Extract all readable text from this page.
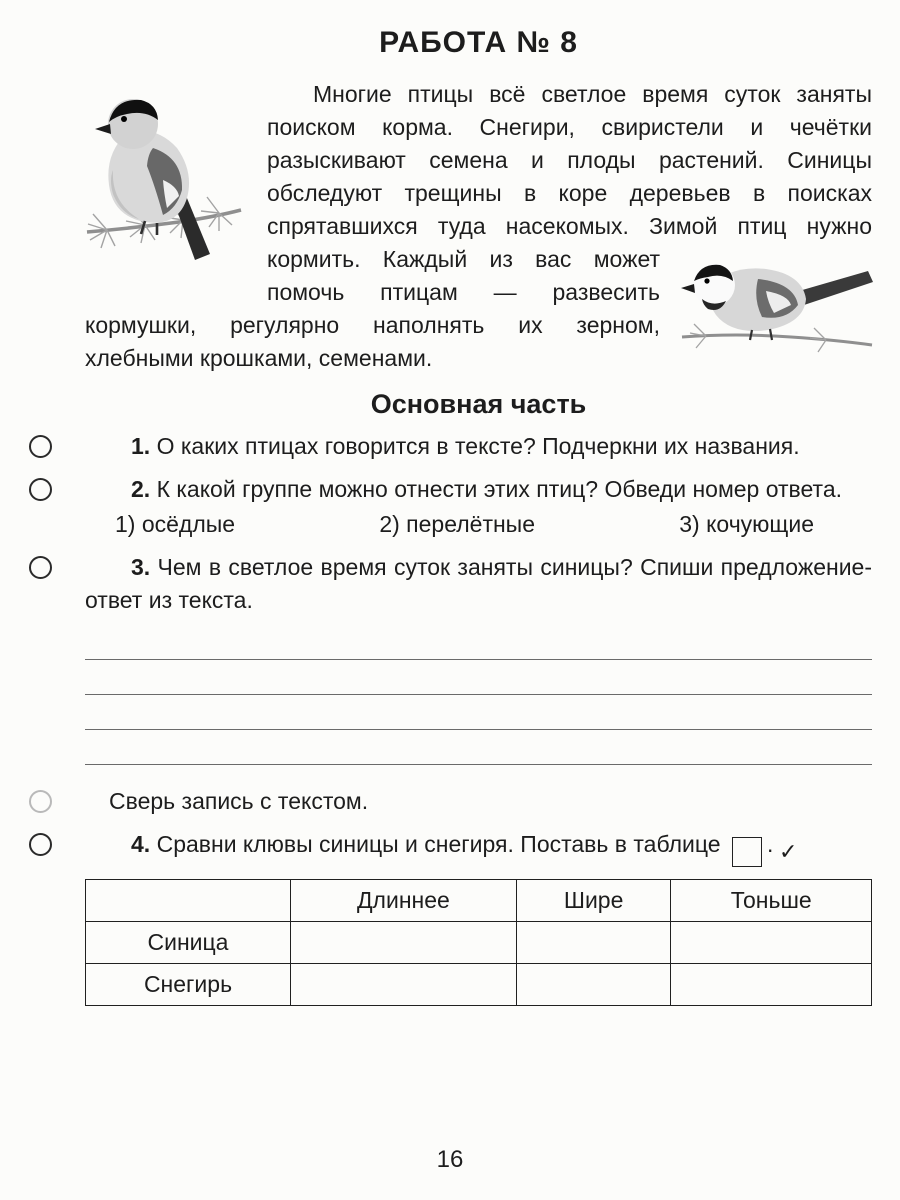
РАБОТА № 8

Многие птицы всё светлое время суток заняты поиском корма. Снегири, свиристели и чечётки разыскивают семена и плоды растений. Синицы обследуют трещины в коре деревьев в поисках спрятавшихся туда насекомых. Зимой птиц нужно кормить. Каждый из вас может помочь птицам — развесить кормушки, регулярно наполнять их зерном, хлебными крошками, семенами.

Основная часть

1. О каких птицах говорится в тексте? Подчеркни их названия.

2. К какой группе можно отнести этих птиц? Обведи номер ответа.

1) осёдлые	2) перелётные	3) кочующие

3. Чем в светлое время суток заняты синицы? Спиши предложение-ответ из текста.

Сверь запись с текстом.

4. Сравни клювы синицы и снегиря. Поставь в таблице	✓.

	Длиннее	Шире	Тоньше
Синица			
Снегирь			
16
